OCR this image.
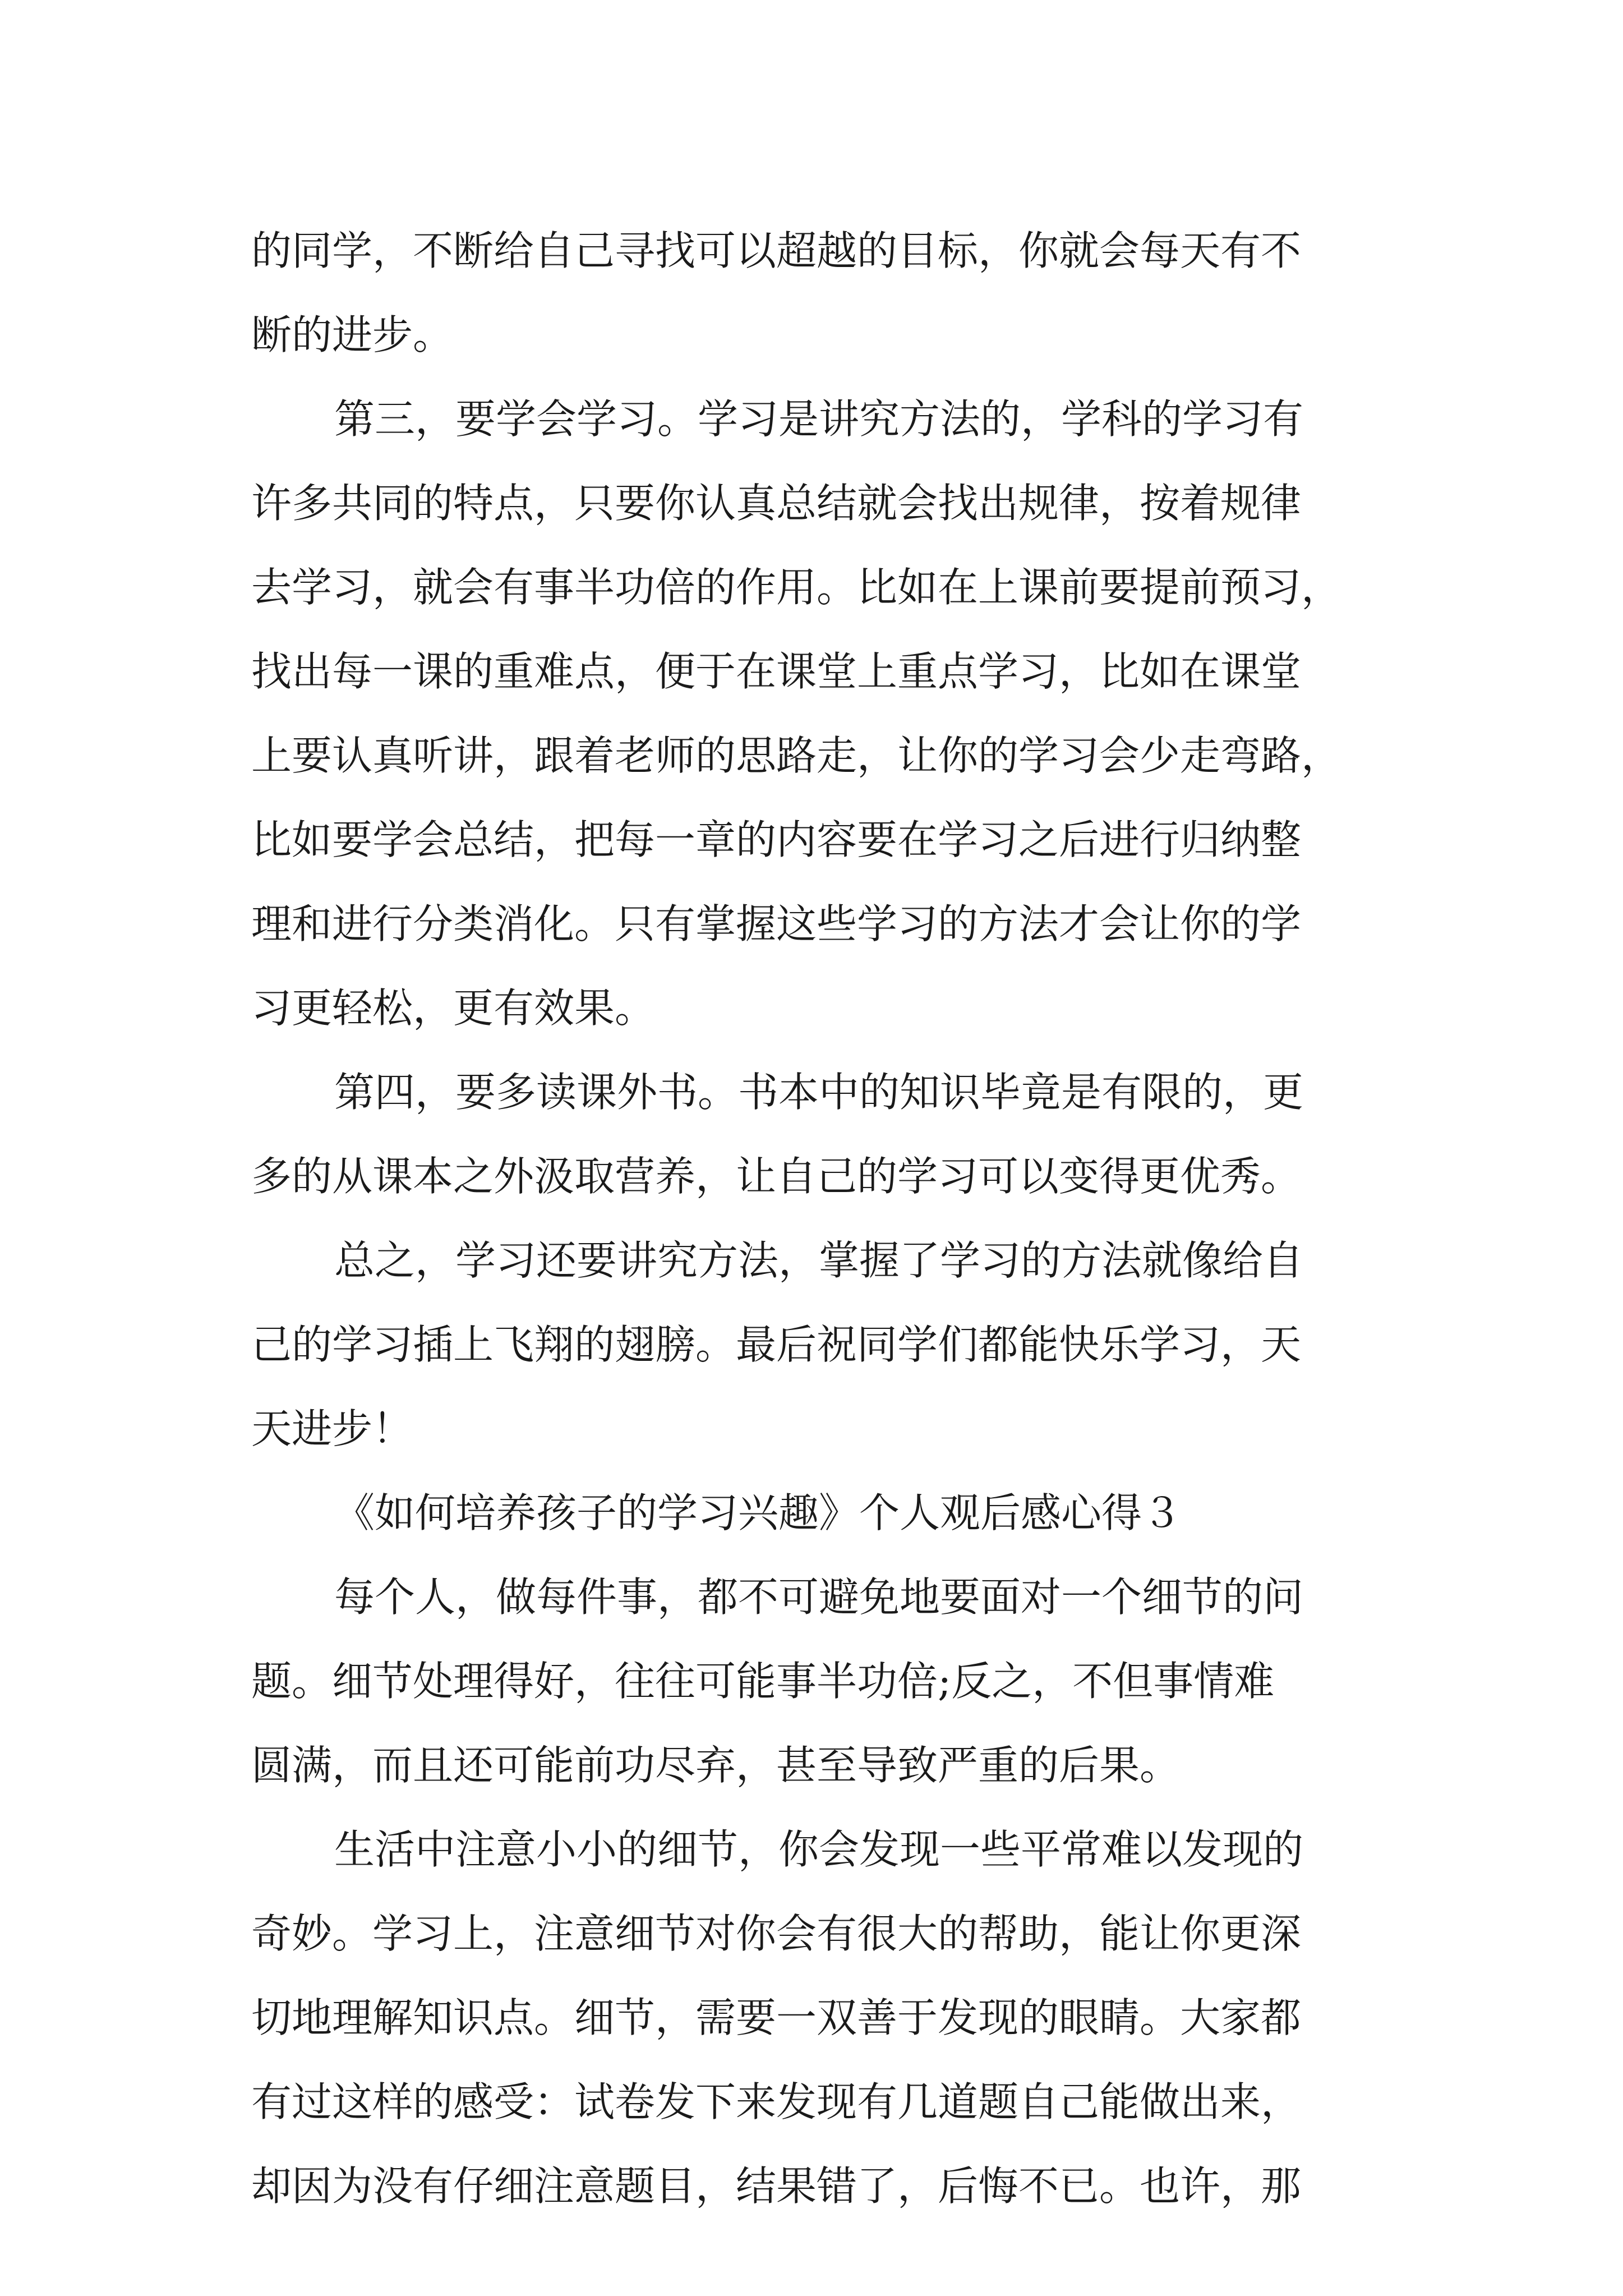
的同学，不断给自己寻找可以超越的目标，你就会每天有不
断的进步。
第三，要学会学习。学习是讲究方法的，学科的学习有
许多共同的特点，只要你认真总结就会找出规律，按着规律
去学习，就会有事半功倍的作用。比如在上课前要提前预习，
找出每一课的重难点，便于在课堂上重点学习，比如在课堂
上要认真听讲，跟着老师的思路走，让你的学习会少走弯路，
比如要学会总结，把每一章的内容要在学习之后进行归纳整
理和进行分类消化。只有掌握这些学习的方法才会让你的学
习更轻松，更有效果。
第四，要多读课外书。书本中的知识毕竟是有限的，更
多的从课本之外汲取营养，让自己的学习可以变得更优秀。
总之，学习还要讲究方法，掌握了学习的方法就像给自
己的学习插上飞翔的翅膀。最后祝同学们都能快乐学习，天
天进步！
《如何培养孩子的学习兴趣》个人观后感心得３
每个人，做每件事，都不可避免地要面对一个细节的问
题。细节处理得好，往往可能事半功倍;反之，不但事情难
圆满，而且还可能前功尽弃，甚至导致严重的后果。
生活中注意小小的细节，你会发现一些平常难以发现的
奇妙。学习上，注意细节对你会有很大的帮助，能让你更深
切地理解知识点。细节，需要一双善于发现的眼睛。大家都
有过这样的感受：试卷发下来发现有几道题自己能做出来，
却因为没有仔细注意题目，结果错了，后悔不已。也许，那
